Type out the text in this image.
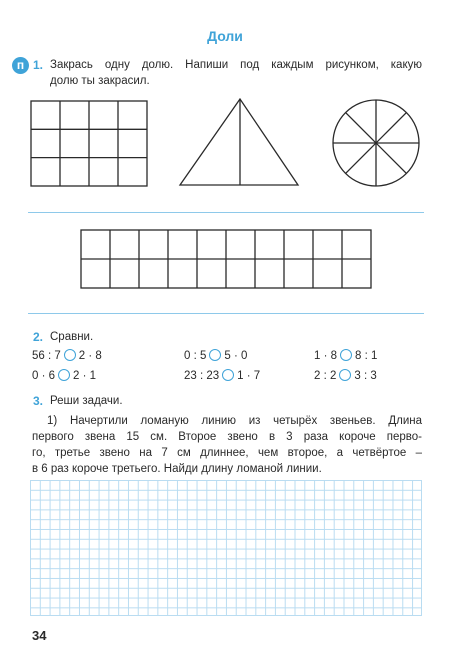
Доли
п 1. Закрась одну долю. Напиши под каждым рисунком, какую
долю ты закрасил.
2. Сравни.
56 : 7 2 · 8	0 : 5 5 · 0	1 · 8 8 : 1
0 · 6 2 · 1	23 : 23 1 · 7	2 : 2 3 : 3
3. Реши задачи.
1) Начертили ломаную линию из четырёх звеньев. Длина
первого звена 15 см. Второе звено в 3 раза короче перво-
го, третье звено на 7 см длиннее, чем второе, а четвёртое –
в 6 раз короче третьего. Найди длину ломаной линии.
34
